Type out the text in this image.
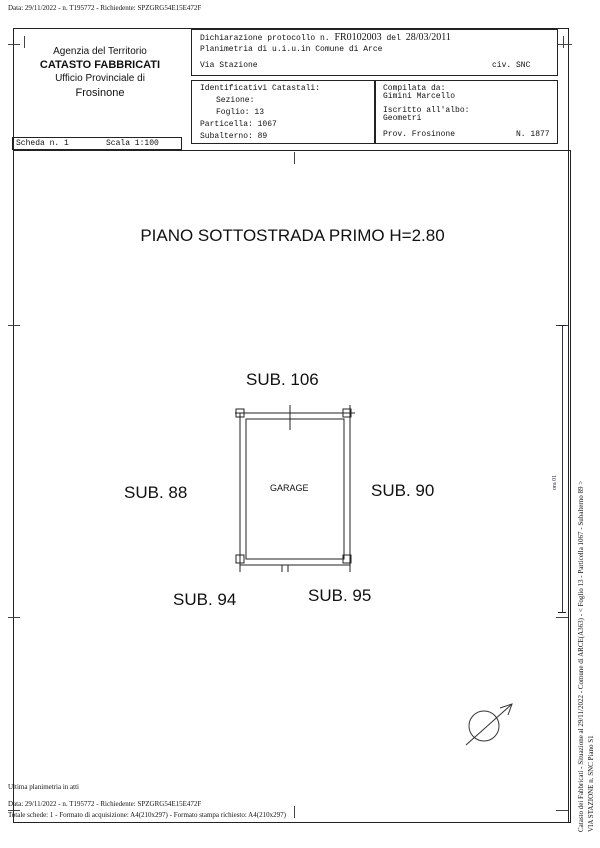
Data: 29/11/2022 - n. T195772 - Richiedente: SPZGRG54E15E472F
Agenzia del Territorio
CATASTO FABBRICATI
Ufficio Provinciale di
Frosinone
Dichiarazione protocollo n. FR0102003 del 28/03/2011
Planimetria di u.i.u.in Comune di Arce
Via Stazione	civ. SNC
Identificativi Catastali:
Sezione:
Foglio: 13
Particella: 1067
Subalterno: 89
Compilata da:
Gimini Marcello
Iscritto all'albo:
Geometri
Prov. Frosinone	N. 1877
Scheda n. 1	Scala 1:100
PIANO SOTTOSTRADA PRIMO H=2.80
SUB. 106
SUB. 88	SUB. 90
SUB. 94	SUB. 95
GARAGE	ora 01	Catasto dei Fabbricati - Situazione al 29/11/2022 - Comune di ARCE(A363) - < Foglio 13 - Particella 1067 - Subalterno 89 > VIA STAZIONE n. SNC Piano S1
Ultima planimetria in atti
Data: 29/11/2022 - n. T195772 - Richiedente: SPZGRG54E15E472F
Totale schede: 1 - Formato di acquisizione: A4(210x297) - Formato stampa richiesto: A4(210x297)
